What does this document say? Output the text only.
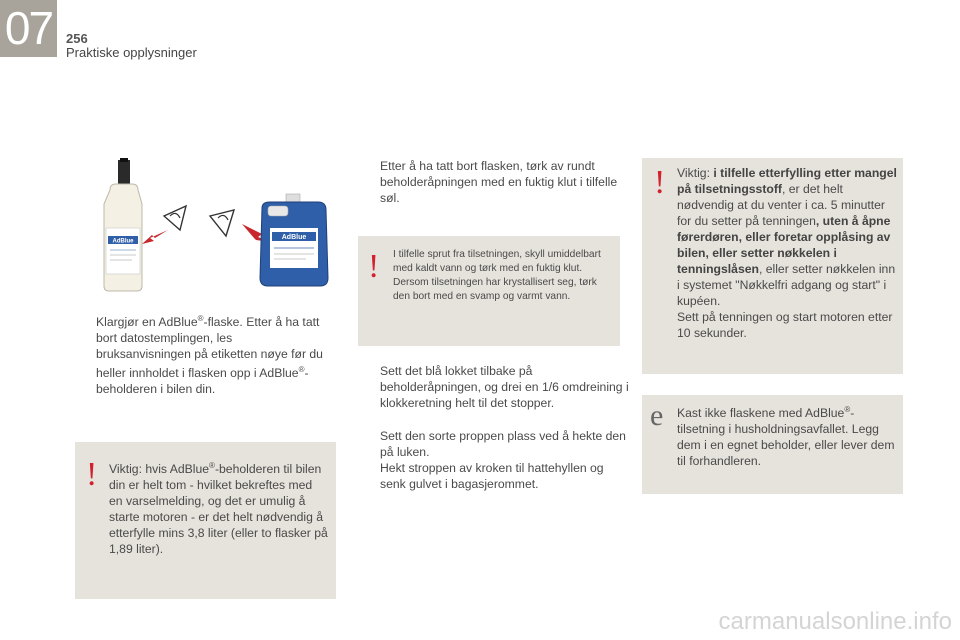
07	256
Praktiske opplysninger
AdBlue
AdBlue
Klargjør en AdBlue®-flaske. Etter å ha tatt bort datostemplingen, les bruksanvisningen på etiketten nøye før du heller innholdet i flasken opp i AdBlue®-beholderen i bilen din.
! Viktig: hvis AdBlue®-beholderen til bilen din er helt tom - hvilket bekreftes med en varselmelding, og det er umulig å starte motoren - er det helt nødvendig å etterfylle mins 3,8 liter (eller to flasker på 1,89 liter).
Etter å ha tatt bort flasken, tørk av rundt beholderåpningen med en fuktig klut i tilfelle søl.
! I tilfelle sprut fra tilsetningen, skyll umiddelbart med kaldt vann og tørk med en fuktig klut.
Dersom tilsetningen har krystallisert seg, tørk den bort med en svamp og varmt vann.
Sett det blå lokket tilbake på beholderåpningen, og drei en 1/6 omdreining i klokkeretning helt til det stopper.
Sett den sorte proppen plass ved å hekte den på luken.
Hekt stroppen av kroken til hattehyllen og senk gulvet i bagasjerommet.
! Viktig: i tilfelle etterfylling etter mangel på tilsetningsstoff, er det helt nødvendig at du venter i ca. 5 minutter for du setter på tenningen, uten å åpne førerdøren, eller foretar opplåsing av bilen, eller setter nøkkelen i tenningslåsen, eller setter nøkkelen inn i systemet "Nøkkelfri adgang og start" i kupéen.
Sett på tenningen og start motoren etter 10 sekunder.
e Kast ikke flaskene med AdBlue®-tilsetning i husholdningsavfallet. Legg dem i en egnet beholder, eller lever dem til forhandleren.
carmanualsonline.info
